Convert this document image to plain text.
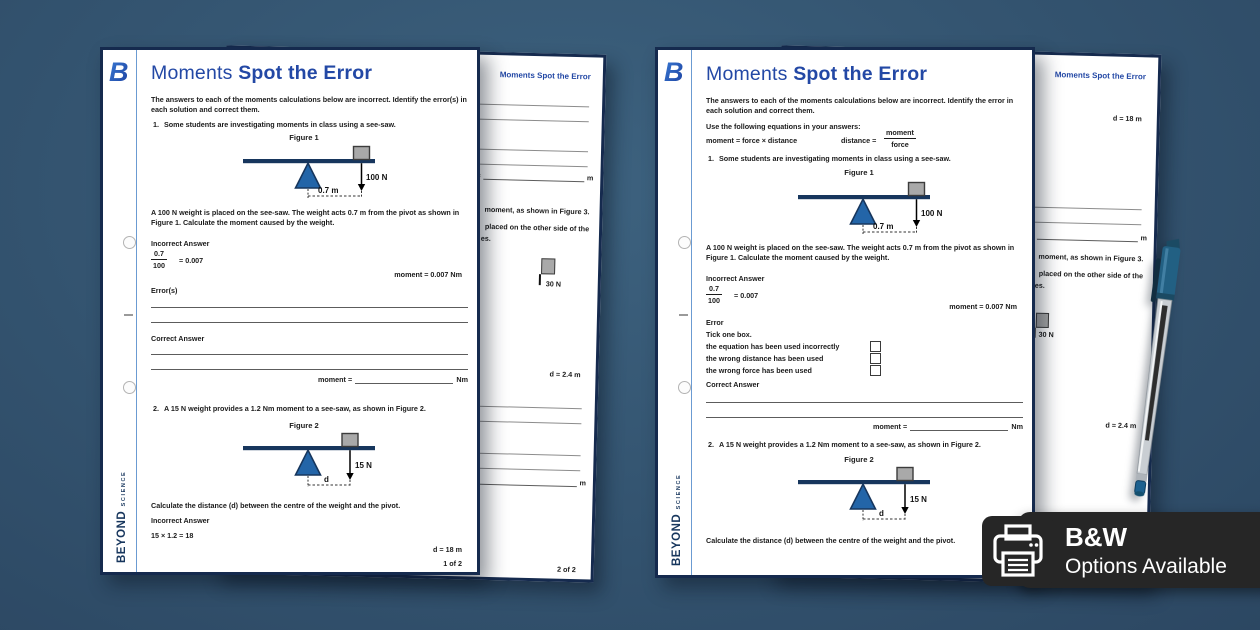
Moments Spot the Error
m
moment, as shown in Figure 3.
placed on the other side of the
es.
30 N
d = 2.4 m
m
2 of 2
B
BEYOND SCIENCE
Moments Spot the Error
The answers to each of the moments calculations below are incorrect. Identify the error(s) in each solution and correct them.
1. Some students are investigating moments in class using a see-saw.
Figure 1
100 N
0.7 m
A 100 N weight is placed on the see-saw. The weight acts 0.7 m from the pivot as shown in Figure 1. Calculate the moment caused by the weight.
Incorrect Answer
$\frac{0.7}{100} = 0.007$
moment = 0.007 Nm
Error(s)
Correct Answer
moment =	Nm
2. A 15 N weight provides a 1.2 Nm moment to a see-saw, as shown in Figure 2.
Figure 2
15 N
d
Calculate the distance (d) between the centre of the weight and the pivot.
Incorrect Answer
15 × 1.2 = 18
d = 18 m
1 of 2
Moments Spot the Error
d = 18 m
m
moment, as shown in Figure 3.
placed on the other side of the
es.
30 N
d = 2.4 m
B
BEYOND SCIENCE
Moments Spot the Error
The answers to each of the moments calculations below are incorrect. Identify the error in each solution and correct them.
Use the following equations in your answers:
moment = force × distance	distance =
moment
force
1. Some students are investigating moments in class using a see-saw.
Figure 1
100 N
0.7 m
A 100 N weight is placed on the see-saw. The weight acts 0.7 m from the pivot as shown in Figure 1. Calculate the moment caused by the weight.
Incorrect Answer
$\frac{0.7}{100} = 0.007$
moment = 0.007 Nm
Error
Tick one box.
the equation has been used incorrectly
the wrong distance has been used
the wrong force has been used
Correct Answer
moment =	Nm
2. A 15 N weight provides a 1.2 Nm moment to a see-saw, as shown in Figure 2.
Figure 2
15 N
d
Calculate the distance (d) between the centre of the weight and the pivot.	B&W
Options Available
